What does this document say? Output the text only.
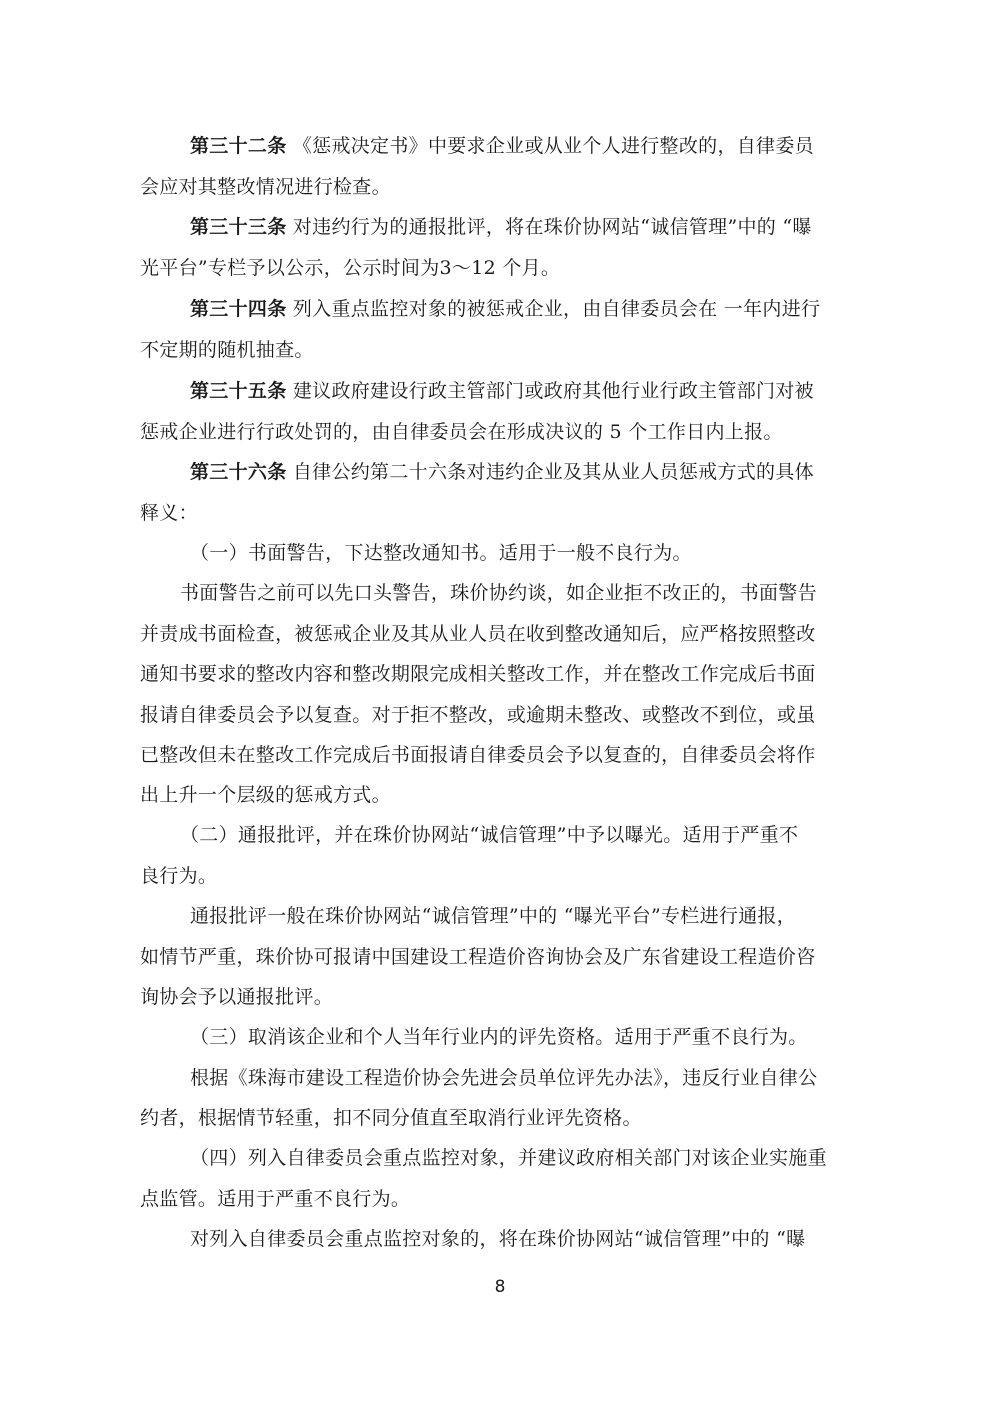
第三十二条 《惩戒决定书》中要求企业或从业个人进行整改的，自律委员
会应对其整改情况进行检查。
第三十三条 对违约行为的通报批评，将在珠价协网站“诚信管理”中的 “曝
光平台”专栏予以公示，公示时间为3～12 个月。
第三十四条 列入重点监控对象的被惩戒企业，由自律委员会在 一年内进行
不定期的随机抽查。
第三十五条 建议政府建设行政主管部门或政府其他行业行政主管部门对被
惩戒企业进行行政处罚的，由自律委员会在形成决议的 5 个工作日内上报。
第三十六条 自律公约第二十六条对违约企业及其从业人员惩戒方式的具体
释义：
（一）书面警告，下达整改通知书。适用于一般不良行为。
书面警告之前可以先口头警告，珠价协约谈，如企业拒不改正的，书面警告
并责成书面检查，被惩戒企业及其从业人员在收到整改通知后，应严格按照整改
通知书要求的整改内容和整改期限完成相关整改工作，并在整改工作完成后书面
报请自律委员会予以复查。对于拒不整改，或逾期未整改、或整改不到位，或虽
已整改但未在整改工作完成后书面报请自律委员会予以复查的，自律委员会将作
出上升一个层级的惩戒方式。
（二）通报批评，并在珠价协网站“诚信管理”中予以曝光。适用于严重不
良行为。
通报批评一般在珠价协网站“诚信管理”中的 “曝光平台”专栏进行通报，
如情节严重，珠价协可报请中国建设工程造价咨询协会及广东省建设工程造价咨
询协会予以通报批评。
（三）取消该企业和个人当年行业内的评先资格。适用于严重不良行为。
根据《珠海市建设工程造价协会先进会员单位评先办法》，违反行业自律公
约者，根据情节轻重，扣不同分值直至取消行业评先资格。
（四）列入自律委员会重点监控对象，并建议政府相关部门对该企业实施重
点监管。适用于严重不良行为。
对列入自律委员会重点监控对象的，将在珠价协网站“诚信管理”中的 “曝
8
